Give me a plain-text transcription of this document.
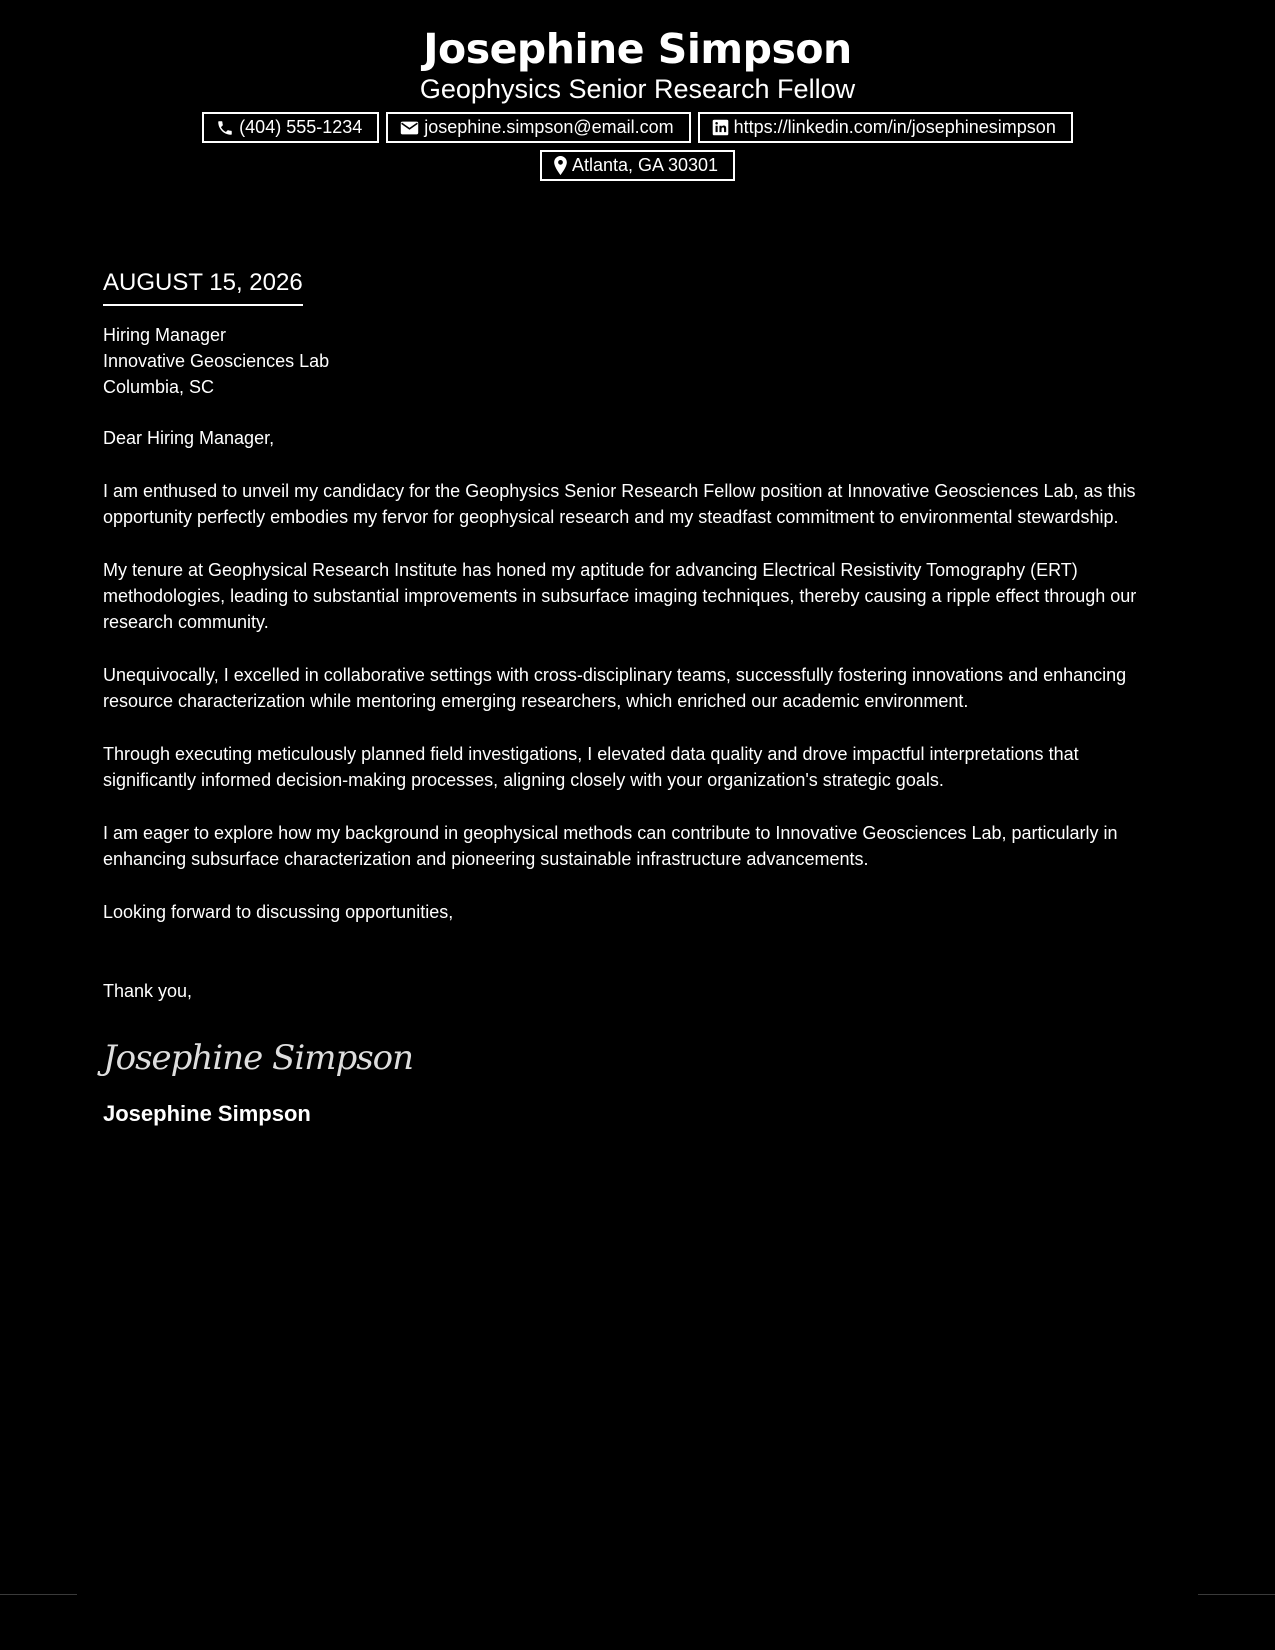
Josephine Simpson
Geophysics Senior Research Fellow
(404) 555-1234	josephine.simpson@email.com	https://linkedin.com/in/josephinesimpson
Atlanta, GA 30301
AUGUST 15, 2026
Hiring Manager
Innovative Geosciences Lab
Columbia, SC
Dear Hiring Manager,
I am enthused to unveil my candidacy for the Geophysics Senior Research Fellow position at Innovative Geosciences Lab, as this opportunity perfectly embodies my fervor for geophysical research and my steadfast commitment to environmental stewardship.
My tenure at Geophysical Research Institute has honed my aptitude for advancing Electrical Resistivity Tomography (ERT) methodologies, leading to substantial improvements in subsurface imaging techniques, thereby causing a ripple effect through our research community.
Unequivocally, I excelled in collaborative settings with cross-disciplinary teams, successfully fostering innovations and enhancing resource characterization while mentoring emerging researchers, which enriched our academic environment.
Through executing meticulously planned field investigations, I elevated data quality and drove impactful interpretations that significantly informed decision-making processes, aligning closely with your organization's strategic goals.
I am eager to explore how my background in geophysical methods can contribute to Innovative Geosciences Lab, particularly in enhancing subsurface characterization and pioneering sustainable infrastructure advancements.
Looking forward to discussing opportunities,
Thank you,
Josephine Simpson
Josephine Simpson
